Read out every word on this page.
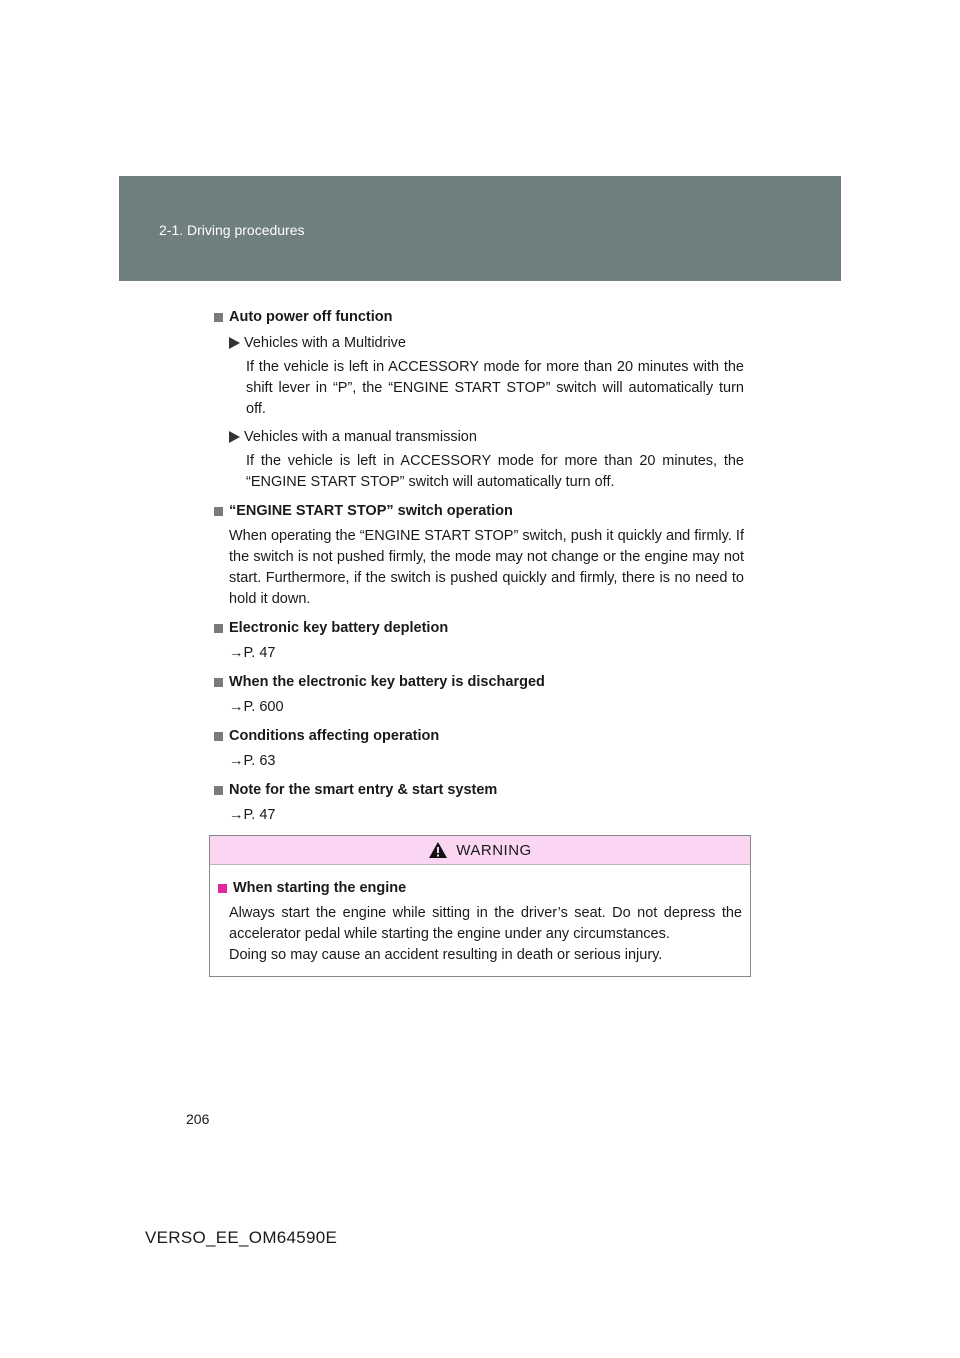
2-1. Driving procedures
Auto power off function
Vehicles with a Multidrive
If the vehicle is left in ACCESSORY mode for more than 20 minutes with the shift lever in “P”, the “ENGINE START STOP” switch will automatically turn off.
Vehicles with a manual transmission
If the vehicle is left in ACCESSORY mode for more than 20 minutes, the “ENGINE START STOP” switch will automatically turn off.
“ENGINE START STOP” switch operation
When operating the “ENGINE START STOP” switch, push it quickly and firmly. If the switch is not pushed firmly, the mode may not change or the engine may not start. Furthermore, if the switch is pushed quickly and firmly, there is no need to hold it down.
Electronic key battery depletion
→P. 47
When the electronic key battery is discharged
→P. 600
Conditions affecting operation
→P. 63
Note for the smart entry & start system
→P. 47
WARNING
When starting the engine
Always start the engine while sitting in the driver’s seat. Do not depress the accelerator pedal while starting the engine under any circumstances.
Doing so may cause an accident resulting in death or serious injury.
206
VERSO_EE_OM64590E
